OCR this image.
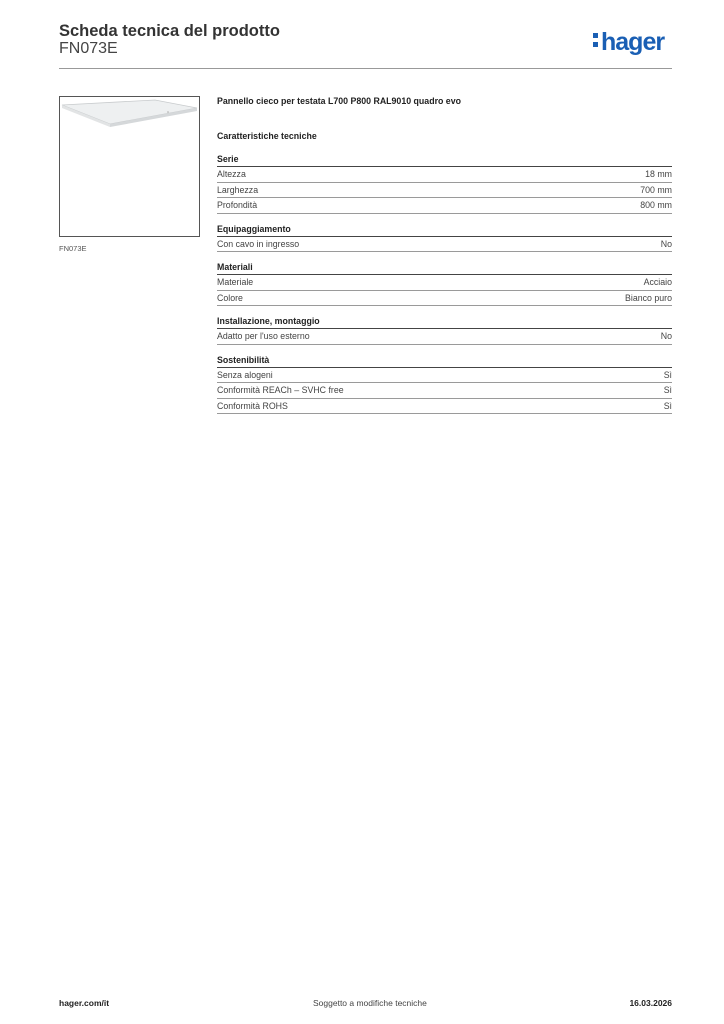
Scheda tecnica del prodotto
FN073E	hager
FN073E
Pannello cieco per testata L700 P800 RAL9010 quadro evo
Caratteristiche tecniche
Serie
Altezza	18 mm
Larghezza	700 mm
Profondità	800 mm
Equipaggiamento
Con cavo in ingresso	No
Materiali
Materiale	Acciaio
Colore	Bianco puro
Installazione, montaggio
Adatto per l'uso esterno	No
Sostenibilità
Senza alogeni	Sì
Conformità REACh – SVHC free	Sì
Conformità ROHS	Sì
hager.com/it	Soggetto a modifiche tecniche	16.03.2026
